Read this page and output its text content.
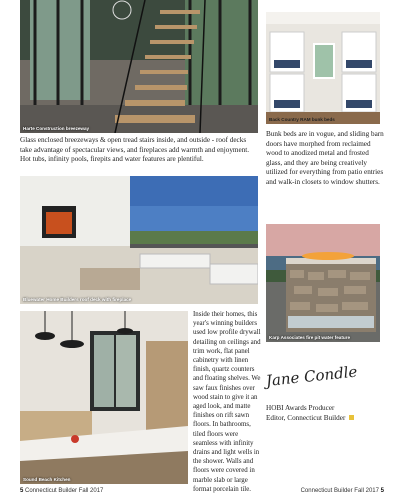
Harte Construction breezeway
Back Country RAM bunk beds
Glass enclosed breezeways & open tread stairs inside, and outside - roof decks take advantage of spectacular views, and fireplaces add warmth and enjoyment. Hot tubs, infinity pools, firepits and water features are plentiful.
Bunk beds are in vogue, and sliding barn doors have morphed from reclaimed wood to anodized metal and frosted glass, and they are being creatively utilized for everything from patio entries and walk-in closets to window shutters.
Bluewater Home Builders roof deck with fireplace
Karp Associates fire pit water feature
Sound Beach Kitchen
Inside their homes, this year's winning builders used low profile drywall detailing on ceilings and trim work, flat panel cabinetry with linen finish, quartz counters and floating shelves. We saw faux finishes over wood stain to give it an aged look, and matte finishes on rift sawn floors. In bathrooms, tiled floors were seamless with infinity drains and light wells in the shower. Walls and floors were covered in marble slab or large format porcelain tile.
Jane Condle
HOBI Awards Producer
Editor, Connecticut Builder
5 Connecticut Builder Fall 2017	Connecticut Builder Fall 2017 5
